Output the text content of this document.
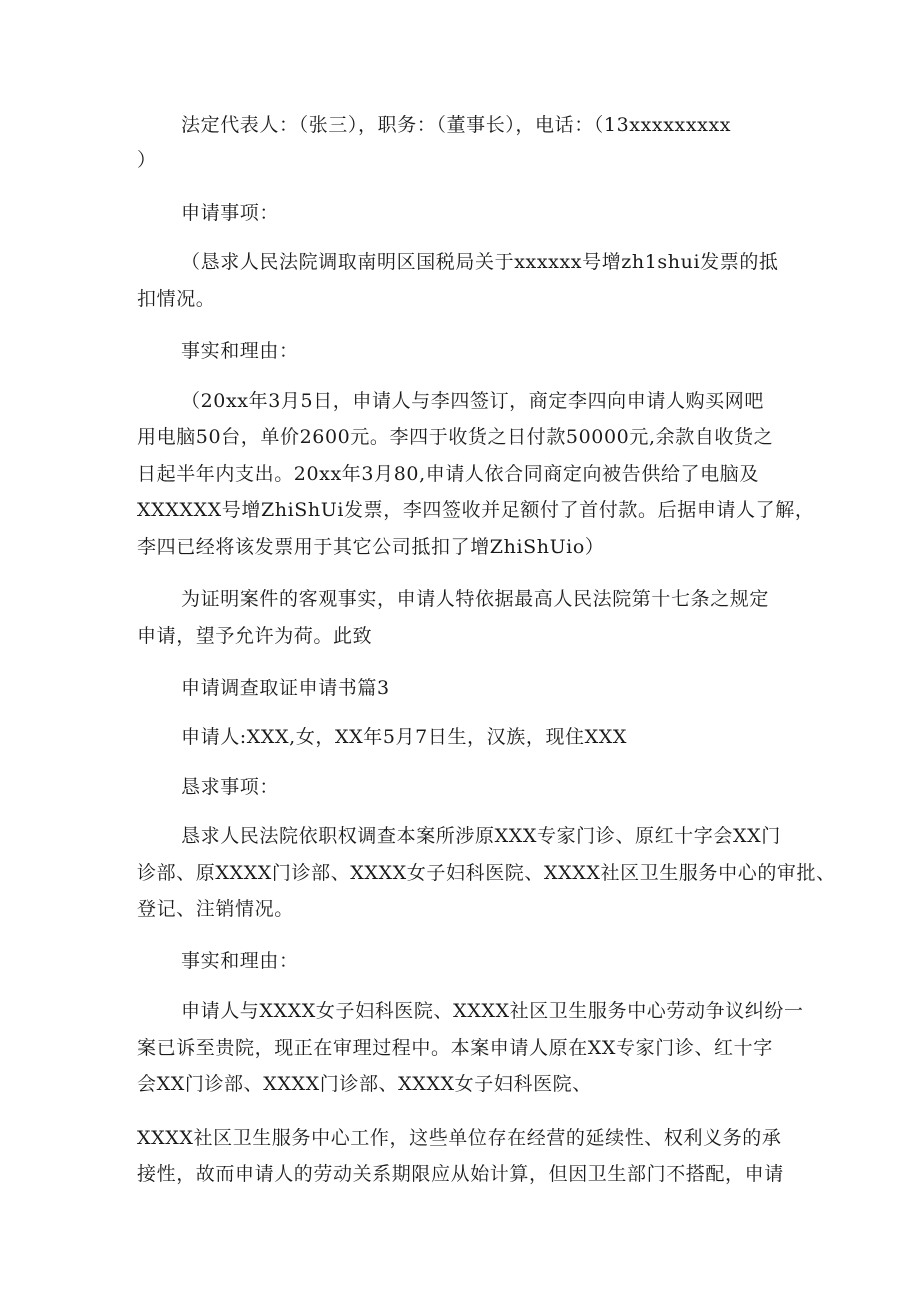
法定代表人：（张三），职务：（董事长），电话：（13xxxxxxxxx
）
申请事项：
（恳求人民法院调取南明区国税局关于xxxxxx号增zh1shui发票的抵
扣情况。
事实和理由：
（20xx年3月5日，申请人与李四签订，商定李四向申请人购买网吧
用电脑50台，单价2600元。李四于收货之日付款50000元,余款自收货之
日起半年内支出。20xx年3月80,申请人依合同商定向被告供给了电脑及
XXXXXX号增ZhiShUi发票，李四签收并足额付了首付款。后据申请人了解，
李四已经将该发票用于其它公司抵扣了增ZhiShUio）
为证明案件的客观事实，申请人特依据最高人民法院第十七条之规定
申请，望予允许为荷。此致
申请调查取证申请书篇3
申请人:XXX,女，XX年5月7日生，汉族，现住XXX
恳求事项：
恳求人民法院依职权调查本案所涉原XXX专家门诊、原红十字会XX门
诊部、原XXXX门诊部、XXXX女子妇科医院、XXXX社区卫生服务中心的审批、
登记、注销情况。
事实和理由：
申请人与XXXX女子妇科医院、XXXX社区卫生服务中心劳动争议纠纷一
案已诉至贵院，现正在审理过程中。本案申请人原在XX专家门诊、红十字
会XX门诊部、XXXX门诊部、XXXX女子妇科医院、
XXXX社区卫生服务中心工作，这些单位存在经营的延续性、权利义务的承
接性，故而申请人的劳动关系期限应从始计算，但因卫生部门不搭配，申请
